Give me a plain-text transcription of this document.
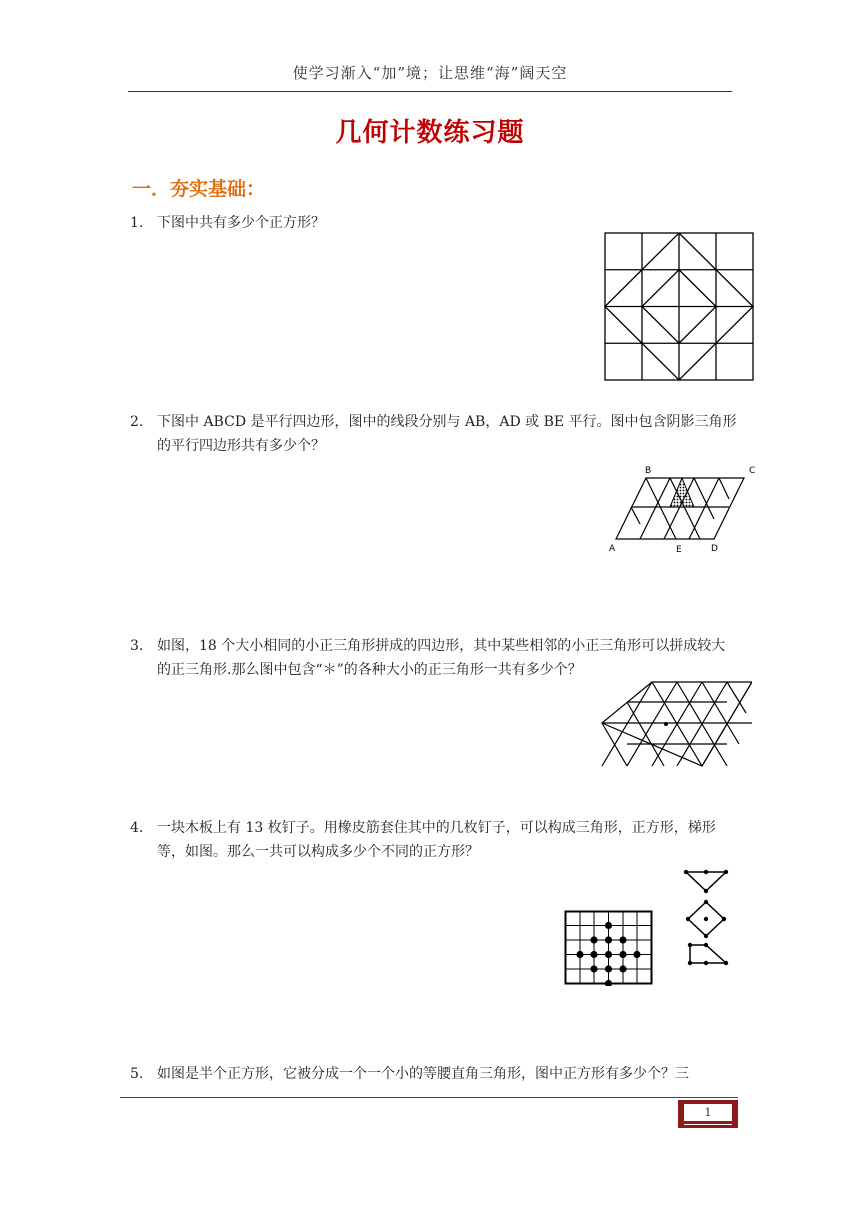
使学习渐入“加”境；让思维“海”阔天空
几何计数练习题
一．夯实基础：
1. 下图中共有多少个正方形？
2. 下图中 ABCD 是平行四边形，图中的线段分别与 AB，AD 或 BE 平行。图中包含阴影三角形的平行四边形共有多少个？
B	C
A	E	D
3. 如图，18 个大小相同的小正三角形拼成的四边形，其中某些相邻的小正三角形可以拼成较大的正三角形.那么图中包含“＊”的各种大小的正三角形一共有多少个？
4. 一块木板上有 13 枚钉子。用橡皮筋套住其中的几枚钉子，可以构成三角形，正方形，梯形等，如图。那么一共可以构成多少个不同的正方形？
5. 如图是半个正方形，它被分成一个一个小的等腰直角三角形，图中正方形有多少个？三
1
